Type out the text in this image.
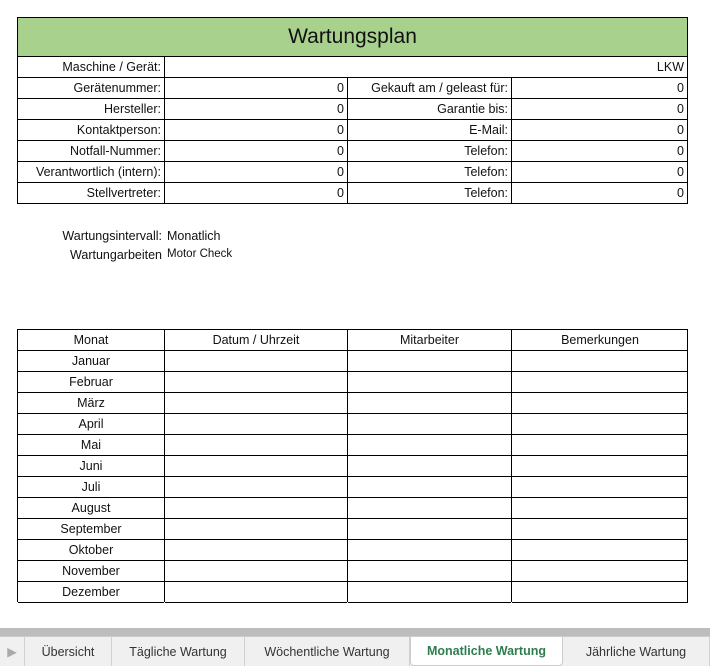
Wartungsplan
Maschine / Gerät:	LKW
Gerätenummer:	0	Gekauft am / geleast für:	0
Hersteller:	0	Garantie bis:	0
Kontaktperson:	0	E-Mail:	0
Notfall-Nummer:	0	Telefon:	0
Verantwortlich (intern):	0	Telefon:	0
Stellvertreter:	0	Telefon:	0
Wartungsintervall: Monatlich
Wartungarbeiten Motor Check
Monat	Datum / Uhrzeit	Mitarbeiter	Bemerkungen
Januar
Februar
März
April
Mai
Juni
Juli
August
September
Oktober
November
Dezember
▶	Übersicht	Tägliche Wartung	Wöchentliche Wartung	Monatliche Wartung	Jährliche Wartung
